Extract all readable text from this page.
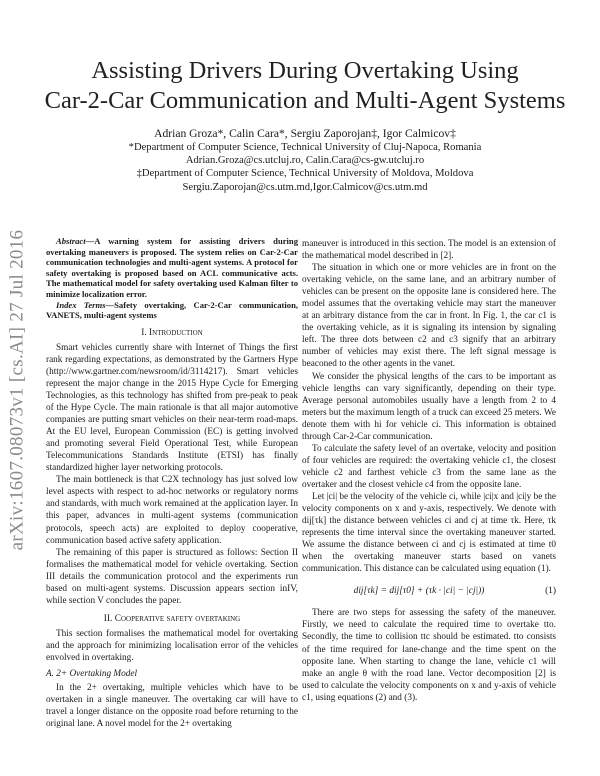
arXiv:1607.08073v1 [cs.AI] 27 Jul 2016
Assisting Drivers During Overtaking Using
Car-2-Car Communication and Multi-Agent Systems
Adrian Groza*, Calin Cara*, Sergiu Zaporojan‡, Igor Calmicov‡
*Department of Computer Science, Technical University of Cluj-Napoca, Romania
Adrian.Groza@cs.utcluj.ro, Calin.Cara@cs-gw.utcluj.ro
‡Department of Computer Science, Technical University of Moldova, Moldova
Sergiu.Zaporojan@cs.utm.md,Igor.Calmicov@cs.utm.md

Abstract—A warning system for assisting drivers during overtaking maneuvers is proposed. The system relies on Car-2-Car communication technologies and multi-agent systems. A protocol for safety overtaking is proposed based on ACL communicative acts. The mathematical model for safety overtaking used Kalman filter to minimize localization error.

Index Terms—Safety overtaking, Car-2-Car communication, VANETS, multi-agent systems

I. Introduction

Smart vehicles currently share with Internet of Things the first rank regarding expectations, as demonstrated by the Gartners Hype (http://www.gartner.com/newsroom/id/3114217). Smart vehicles represent the major change in the 2015 Hype Cycle for Emerging Technologies, as this technology has shifted from pre-peak to peak of the Hype Cycle. The main rationale is that all major automotive companies are putting smart vehicles on their near-term road-maps. At the EU level, European Commission (EC) is getting involved and promoting several Field Operational Test, while European Telecommunications Standards Institute (ETSI) has finally standardized higher layer networking protocols.

The main bottleneck is that C2X technology has just solved low level aspects with respect to ad-hoc networks or regulatory norms and standards, with much work remained at the application layer. In this paper, advances in multi-agent systems (communication protocols, speech acts) are exploited to deploy cooperative, communication based active safety application.

The remaining of this paper is structured as follows: Section II formalises the mathematical model for vehicle overtaking. Section III details the communication protocol and the experiments run based on multi-agent systems. Discussion appears section inIV, while section V concludes the paper.

II. Cooperative safety overtaking

This section formalises the mathematical model for overtaking and the approach for minimizing localisation error of the vehicles envolved in overtaking.

A. 2+ Overtaking Model

In the 2+ overtaking, multiple vehicles which have to be overtaken in a single maneuver. The overtaking car will have to travel a longer distance on the opposite road before returning to the original lane. A novel model for the 2+ overtaking

maneuver is introduced in this section. The model is an extension of the mathematical model described in [2].

The situation in which one or more vehicles are in front on the overtaking vehicle, on the same lane, and an arbitrary number of vehicles can be present on the opposite lane is considered here. The model assumes that the overtaking vehicle may start the maneuver at an arbitrary distance from the car in front. In Fig. 1, the car c1 is the overtaking vehicle, as it is signaling its intension by signaling left. The three dots between c2 and c3 signify that an arbitrary number of vehicles may exist there. The left signal message is beaconed to the other agents in the vanet.

We consider the physical lengths of the cars to be important as vehicle lengths can vary significantly, depending on their type. Average personal automobiles usually have a length from 2 to 4 meters but the maximum length of a truck can exceed 25 meters. We denote them with hi for vehicle ci. This information is obtained through Car-2-Car communication.

To calculate the safety level of an overtake, velocity and position of four vehicles are required: the overtaking vehicle c1, the closest vehicle c2 and farthest vehicle c3 from the same lane as the overtaker and the closest vehicle c4 from the opposite lane.

Let |ci| be the velocity of the vehicle ci, while |ci|x and |ci|y be the velocity components on x and y-axis, respectively. We denote with dij[τk] the distance between vehicles ci and cj at time τk. Here, τk represents the time interval since the overtaking maneuver started. We assume the distance between ci and cj is estimated at time t0 when the overtaking maneuver starts based on vanets communication. This distance can be calculated using equation (1).

dij[τk] = dij[τ0] + (τk · |ci| − |cj|))	(1)

There are two steps for assessing the safety of the maneuver. Firstly, we need to calculate the required time to overtake tto. Secondly, the time to collision ttc should be estimated. tto consists of the time required for lane-change and the time spent on the opposite lane. When starting to change the lane, vehicle c1 will make an angle θ with the road lane. Vector decomposition [2] is used to calculate the velocity components on x and y-axis of vehicle c1, using equations (2) and (3).
